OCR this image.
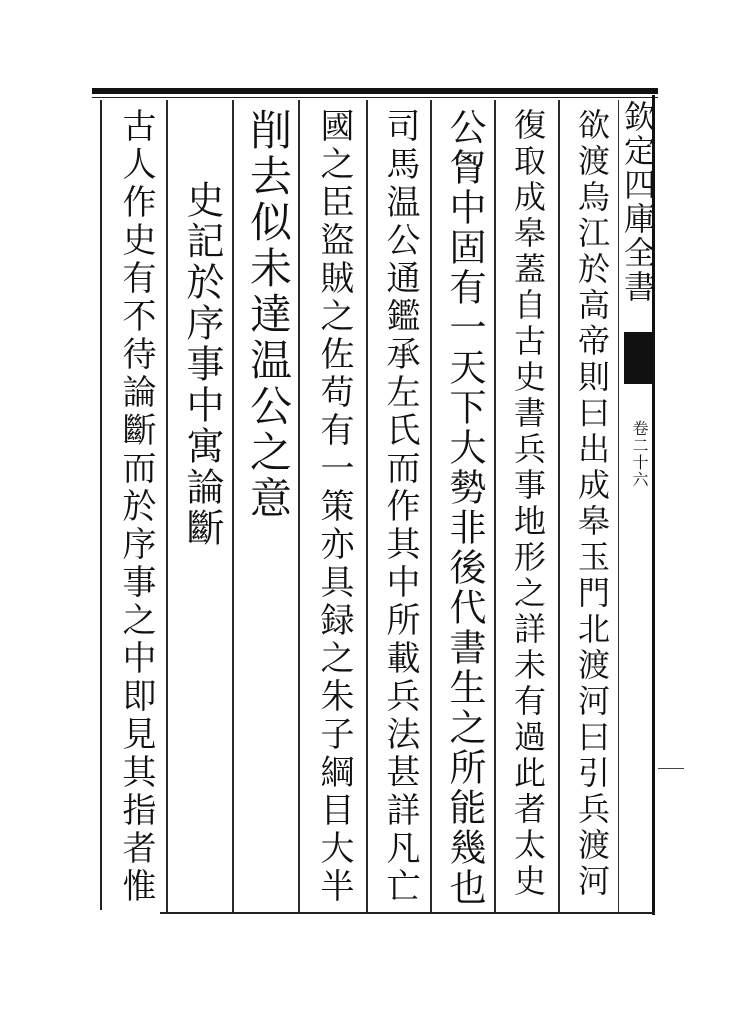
欽定四庫全書
卷二十六
欲渡烏江於高帝則曰出成皋玉門北渡河曰引兵渡河
復取成皋蓋自古史書兵事地形之詳未有過此者太史
公胷中固有一天下大勢非後代書生之所能幾也
司馬温公通鑑承左氏而作其中所載兵法甚詳凡亡
國之臣盜賊之佐苟有一策亦具録之朱子綱目大半
削去似未達温公之意
史記於序事中寓論斷
古人作史有不待論斷而於序事之中即見其指者惟
